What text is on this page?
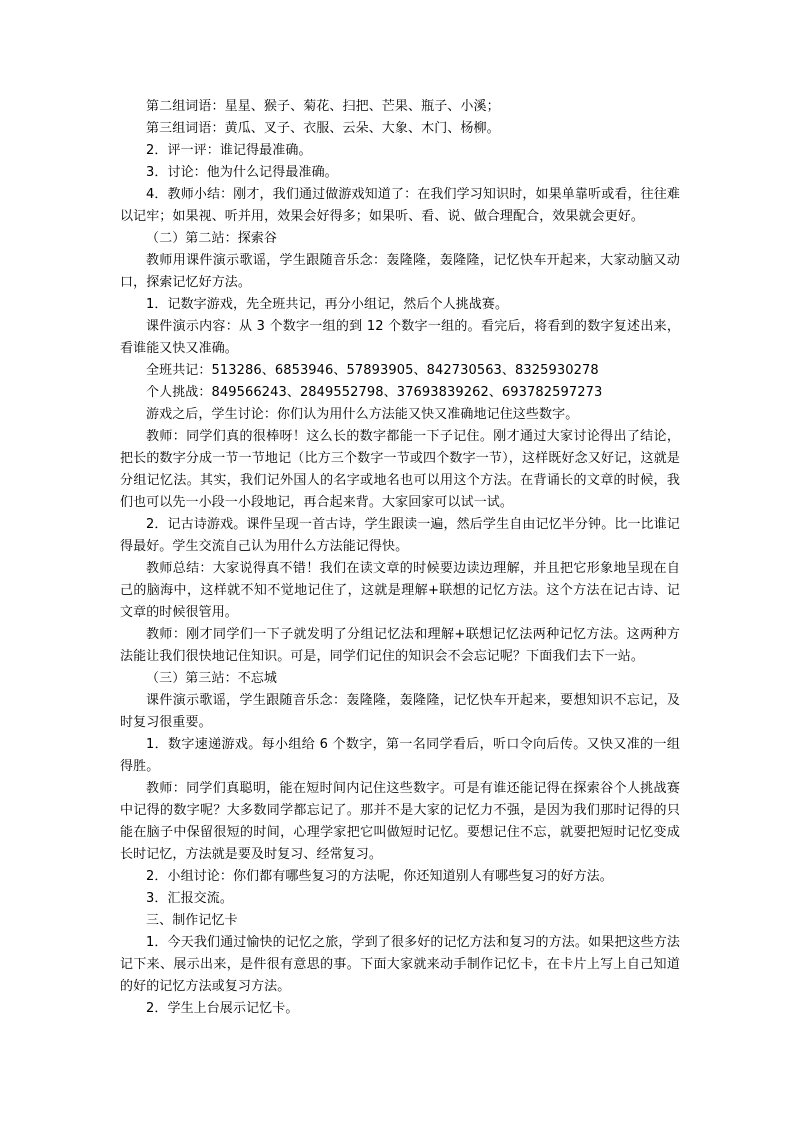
第二组词语：星星、猴子、菊花、扫把、芒果、瓶子、小溪；

第三组词语：黄瓜、叉子、衣服、云朵、大象、木门、杨柳。

2．评一评：谁记得最准确。

3．讨论：他为什么记得最准确。

4．教师小结：刚才，我们通过做游戏知道了：在我们学习知识时，如果单靠听或看，往往难以记牢；如果视、听并用，效果会好得多；如果听、看、说、做合理配合，效果就会更好。

（二）第二站：探索谷

教师用课件演示歌谣，学生跟随音乐念：轰隆隆，轰隆隆，记忆快车开起来，大家动脑又动口，探索记忆好方法。

1．记数字游戏，先全班共记，再分小组记，然后个人挑战赛。

课件演示内容：从 3 个数字一组的到 12 个数字一组的。看完后，将看到的数字复述出来，看谁能又快又准确。

全班共记：513286、6853946、57893905、842730563、8325930278

个人挑战：849566243、2849552798、37693839262、693782597273

游戏之后，学生讨论：你们认为用什么方法能又快又准确地记住这些数字。

教师：同学们真的很棒呀！这么长的数字都能一下子记住。刚才通过大家讨论得出了结论，把长的数字分成一节一节地记（比方三个数字一节或四个数字一节），这样既好念又好记，这就是分组记忆法。其实，我们记外国人的名字或地名也可以用这个方法。在背诵长的文章的时候，我们也可以先一小段一小段地记，再合起来背。大家回家可以试一试。

2．记古诗游戏。课件呈现一首古诗，学生跟读一遍，然后学生自由记忆半分钟。比一比谁记得最好。学生交流自己认为用什么方法能记得快。

教师总结：大家说得真不错！我们在读文章的时候要边读边理解，并且把它形象地呈现在自己的脑海中，这样就不知不觉地记住了，这就是理解+联想的记忆方法。这个方法在记古诗、记文章的时候很管用。

教师：刚才同学们一下子就发明了分组记忆法和理解+联想记忆法两种记忆方法。这两种方法能让我们很快地记住知识。可是，同学们记住的知识会不会忘记呢？下面我们去下一站。

（三）第三站：不忘城

课件演示歌谣，学生跟随音乐念：轰隆隆，轰隆隆，记忆快车开起来，要想知识不忘记，及时复习很重要。

1．数字速递游戏。每小组给 6 个数字，第一名同学看后，听口令向后传。又快又准的一组得胜。

教师：同学们真聪明，能在短时间内记住这些数字。可是有谁还能记得在探索谷个人挑战赛中记得的数字呢？大多数同学都忘记了。那并不是大家的记忆力不强，是因为我们那时记得的只能在脑子中保留很短的时间，心理学家把它叫做短时记忆。要想记住不忘，就要把短时记忆变成长时记忆，方法就是要及时复习、经常复习。

2．小组讨论：你们都有哪些复习的方法呢，你还知道别人有哪些复习的好方法。

3．汇报交流。

三、制作记忆卡

1．今天我们通过愉快的记忆之旅，学到了很多好的记忆方法和复习的方法。如果把这些方法记下来、展示出来，是件很有意思的事。下面大家就来动手制作记忆卡，在卡片上写上自己知道的好的记忆方法或复习方法。

2．学生上台展示记忆卡。
